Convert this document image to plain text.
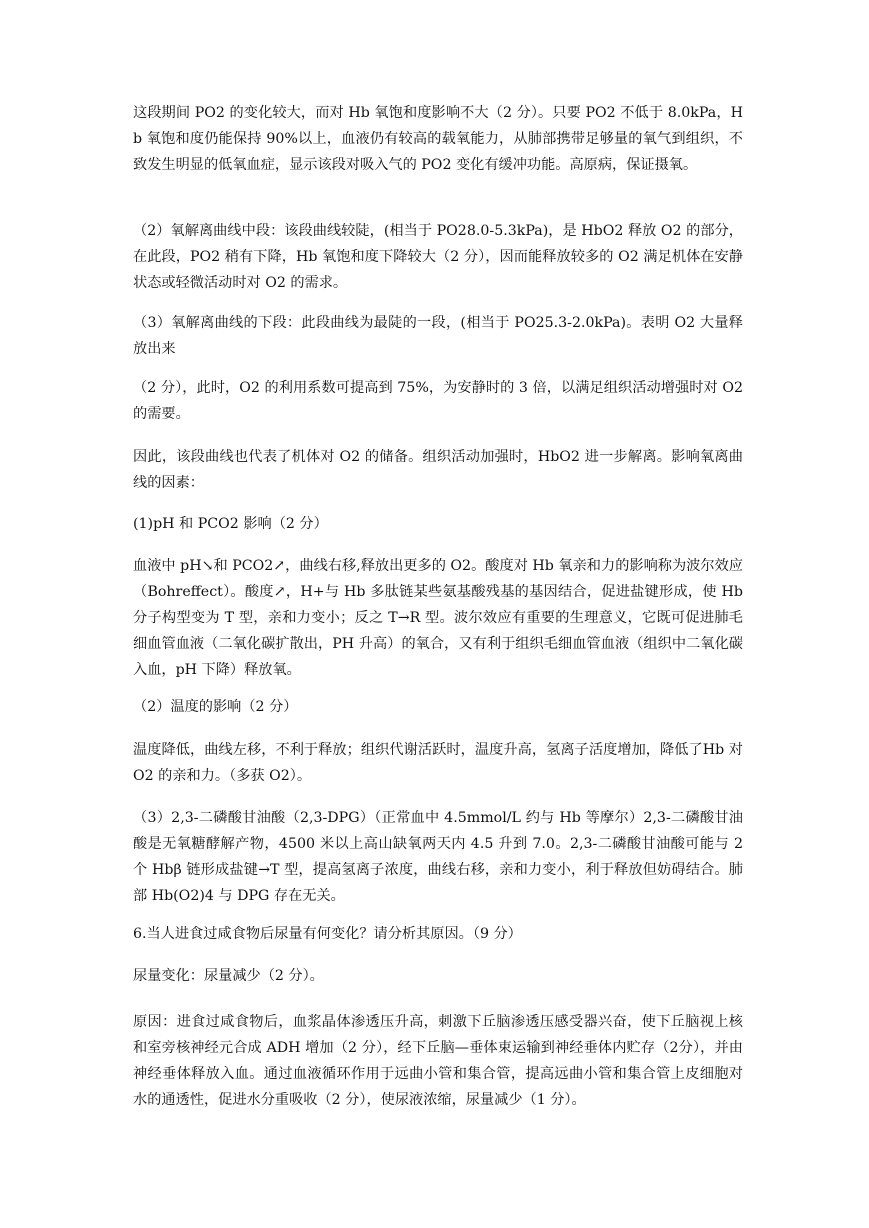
这段期间 PO2 的变化较大，而对 Hb 氧饱和度影响不大（2 分）。只要 PO2 不低于 8.0kPa，Hb 氧饱和度仍能保持 90%以上，血液仍有较高的载氧能力，从肺部携带足够量的氧气到组织，不致发生明显的低氧血症，显示该段对吸入气的 PO2 变化有缓冲功能。高原病，保证摄氧。

（2）氧解离曲线中段：该段曲线较陡，(相当于 PO28.0-5.3kPa)，是 HbO2 释放 O2 的部分，在此段，PO2 稍有下降，Hb 氧饱和度下降较大（2 分），因而能释放较多的 O2 满足机体在安静状态或轻微活动时对 O2 的需求。

（3）氧解离曲线的下段：此段曲线为最陡的一段，(相当于 PO25.3-2.0kPa)。表明 O2 大量释放出来

（2 分），此时，O2 的利用系数可提高到 75%，为安静时的 3 倍，以满足组织活动增强时对 O2 的需要。

因此，该段曲线也代表了机体对 O2 的储备。组织活动加强时，HbO2 进一步解离。影响氧离曲线的因素：

(1)pH 和 PCO2 影响（2 分）

血液中 pH↘和 PCO2↗，曲线右移,释放出更多的 O2。酸度对 Hb 氧亲和力的影响称为波尔效应（Bohreffect）。酸度↗，H+与 Hb 多肽链某些氨基酸残基的基因结合，促进盐键形成，使 Hb 分子构型变为 T 型，亲和力变小；反之 T→R 型。波尔效应有重要的生理意义，它既可促进肺毛细血管血液（二氧化碳扩散出，PH 升高）的氧合，又有利于组织毛细血管血液（组织中二氧化碳入血，pH 下降）释放氧。

（2）温度的影响（2 分）

温度降低，曲线左移，不利于释放；组织代谢活跃时，温度升高，氢离子活度增加，降低了Hb 对 O2 的亲和力。（多获 O2）。

（3）2,3-二磷酸甘油酸（2,3-DPG）（正常血中 4.5mmol/L 约与 Hb 等摩尔）2,3-二磷酸甘油酸是无氧糖酵解产物，4500 米以上高山缺氧两天内 4.5 升到 7.0。2,3-二磷酸甘油酸可能与 2 个 Hbβ 链形成盐键→T 型，提高氢离子浓度，曲线右移，亲和力变小，利于释放但妨碍结合。肺部 Hb(O2)4 与 DPG 存在无关。

6.当人进食过咸食物后尿量有何变化？请分析其原因。（9 分）

尿量变化：尿量减少（2 分）。

原因：进食过咸食物后，血浆晶体渗透压升高，刺激下丘脑渗透压感受器兴奋，使下丘脑视上核和室旁核神经元合成 ADH 增加（2 分），经下丘脑—垂体束运输到神经垂体内贮存（2分），并由神经垂体释放入血。通过血液循环作用于远曲小管和集合管，提高远曲小管和集合管上皮细胞对水的通透性，促进水分重吸收（2 分），使尿液浓缩，尿量减少（1 分）。
